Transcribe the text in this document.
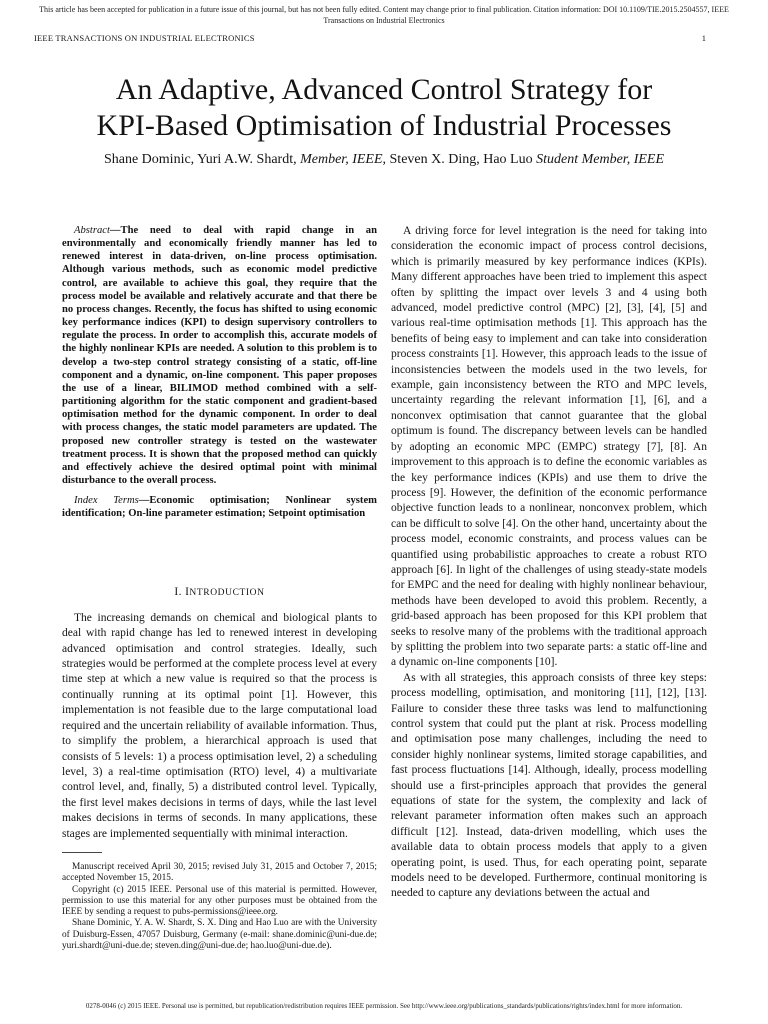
This article has been accepted for publication in a future issue of this journal, but has not been fully edited. Content may change prior to final publication. Citation information: DOI 10.1109/TIE.2015.2504557, IEEE
Transactions on Industrial Electronics
IEEE TRANSACTIONS ON INDUSTRIAL ELECTRONICS	1
An Adaptive, Advanced Control Strategy for
KPI-Based Optimisation of Industrial Processes
Shane Dominic, Yuri A.W. Shardt, Member, IEEE, Steven X. Ding, Hao Luo Student Member, IEEE

Abstract—The need to deal with rapid change in an environmentally and economically friendly manner has led to renewed interest in data-driven, on-line process optimisation. Although various methods, such as economic model predictive control, are available to achieve this goal, they require that the process model be available and relatively accurate and that there be no process changes. Recently, the focus has shifted to using economic key performance indices (KPI) to design supervisory controllers to regulate the process. In order to accomplish this, accurate models of the highly nonlinear KPIs are needed. A solution to this problem is to develop a two-step control strategy consisting of a static, off-line component and a dynamic, on-line component. This paper proposes the use of a linear, BILIMOD method combined with a self-partitioning algorithm for the static component and gradient-based optimisation method for the dynamic component. In order to deal with process changes, the static model parameters are updated. The proposed new controller strategy is tested on the wastewater treatment process. It is shown that the proposed method can quickly and effectively achieve the desired optimal point with minimal disturbance to the overall process.

Index Terms—Economic optimisation; Nonlinear system identification; On-line parameter estimation; Setpoint optimisation

I. INTRODUCTION

The increasing demands on chemical and biological plants to deal with rapid change has led to renewed interest in developing advanced optimisation and control strategies. Ideally, such strategies would be performed at the complete process level at every time step at which a new value is required so that the process is continually running at its optimal point [1]. However, this implementation is not feasible due to the large computational load required and the uncertain reliability of available information. Thus, to simplify the problem, a hierarchical approach is used that consists of 5 levels: 1) a process optimisation level, 2) a scheduling level, 3) a real-time optimisation (RTO) level, 4) a multivariate control level, and, finally, 5) a distributed control level. Typically, the first level makes decisions in terms of days, while the last level makes decisions in terms of seconds. In many applications, these stages are implemented sequentially with minimal interaction.

Manuscript received April 30, 2015; revised July 31, 2015 and October 7, 2015; accepted November 15, 2015.

Copyright (c) 2015 IEEE. Personal use of this material is permitted. However, permission to use this material for any other purposes must be obtained from the IEEE by sending a request to pubs-permissions@ieee.org.

Shane Dominic, Y. A. W. Shardt, S. X. Ding and Hao Luo are with the University of Duisburg-Essen, 47057 Duisburg, Germany (e-mail: shane.dominic@uni-due.de; yuri.shardt@uni-due.de; steven.ding@uni-due.de; hao.luo@uni-due.de).

A driving force for level integration is the need for taking into consideration the economic impact of process control decisions, which is primarily measured by key performance indices (KPIs). Many different approaches have been tried to implement this aspect often by splitting the impact over levels 3 and 4 using both advanced, model predictive control (MPC) [2], [3], [4], [5] and various real-time optimisation methods [1]. This approach has the benefits of being easy to implement and can take into consideration process constraints [1]. However, this approach leads to the issue of inconsistencies between the models used in the two levels, for example, gain inconsistency between the RTO and MPC levels, uncertainty regarding the relevant information [1], [6], and a nonconvex optimisation that cannot guarantee that the global optimum is found. The discrepancy between levels can be handled by adopting an economic MPC (EMPC) strategy [7], [8]. An improvement to this approach is to define the economic variables as the key performance indices (KPIs) and use them to drive the process [9]. However, the definition of the economic performance objective function leads to a nonlinear, nonconvex problem, which can be difficult to solve [4]. On the other hand, uncertainty about the process model, economic constraints, and process values can be quantified using probabilistic approaches to create a robust RTO approach [6]. In light of the challenges of using steady-state models for EMPC and the need for dealing with highly nonlinear behaviour, methods have been developed to avoid this problem. Recently, a grid-based approach has been proposed for this KPI problem that seeks to resolve many of the problems with the traditional approach by splitting the problem into two separate parts: a static off-line and a dynamic on-line components [10].

As with all strategies, this approach consists of three key steps: process modelling, optimisation, and monitoring [11], [12], [13]. Failure to consider these three tasks was lend to malfunctioning control system that could put the plant at risk. Process modelling and optimisation pose many challenges, including the need to consider highly nonlinear systems, limited storage capabilities, and fast process fluctuations [14]. Although, ideally, process modelling should use a first-principles approach that provides the general equations of state for the system, the complexity and lack of relevant parameter information often makes such an approach difficult [12]. Instead, data-driven modelling, which uses the available data to obtain process models that apply to a given operating point, is used. Thus, for each operating point, separate models need to be developed. Furthermore, continual monitoring is needed to capture any deviations between the actual and

0278-0046 (c) 2015 IEEE. Personal use is permitted, but republication/redistribution requires IEEE permission. See http://www.ieee.org/publications_standards/publications/rights/index.html for more information.
